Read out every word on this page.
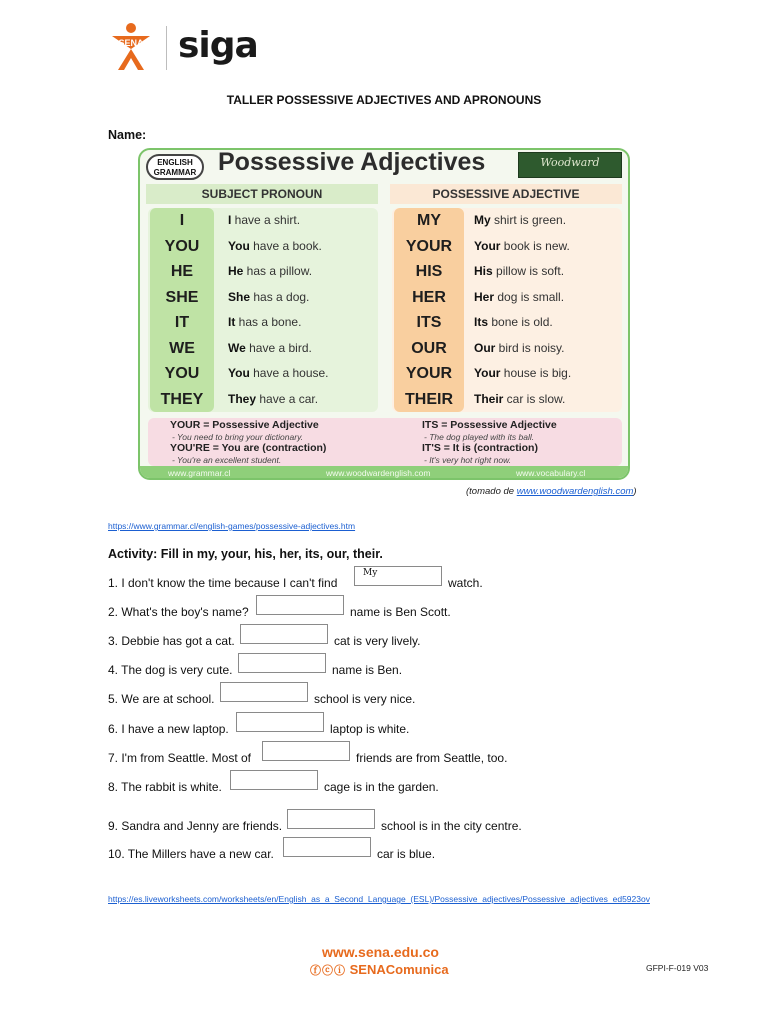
SENA siga
TALLER POSSESSIVE ADJECTIVES AND APRONOUNS
Name:
ENGLISH
GRAMMAR Possessive Adjectives	Woodward
SUBJECT PRONOUN	POSSESSIVE ADJECTIVE
I	I have a shirt.
YOU	You have a book.
HE	He has a pillow.
SHE	She has a dog.
IT	It has a bone.
WE	We have a bird.
YOU	You have a house.
THEY	They have a car.
MY	My shirt is green.
YOUR	Your book is new.
HIS	His pillow is soft.
HER	Her dog is small.
ITS	Its bone is old.
OUR	Our bird is noisy.
YOUR	Your house is big.
THEIR	Their car is slow.
YOUR = Possessive Adjective
- You need to bring your dictionary.
YOU'RE = You are (contraction)
- You're an excellent student.
ITS = Possessive Adjective
- The dog played with its ball.
IT'S = It is (contraction)
- It's very hot right now.
www.grammar.cl	www.woodwardenglish.com	www.vocabulary.cl
(tomado de www.woodwardenglish.com)
https://www.grammar.cl/english-games/possessive-adjectives.htm
Activity: Fill in my, your, his, her, its, our, their.
1. I don't know the time because I can't find
My
watch.
2. What's the boy's name?	name is Ben Scott.
3. Debbie has got a cat.	cat is very lively.
4. The dog is very cute.	name is Ben.
5. We are at school.	school is very nice.
6. I have a new laptop.	laptop is white.
7. I'm from Seattle. Most of	friends are from Seattle, too.
8. The rabbit is white.	cage is in the garden.
9. Sandra and Jenny are friends.	school is in the city centre.
10. The Millers have a new car.	car is blue.
https://es.liveworksheets.com/worksheets/en/English_as_a_Second_Language_(ESL)/Possessive_adjectives/Possessive_adjectives_ed5923ov
www.sena.edu.co
ⓕⓒⓘ SENAComunica	GFPI-F-019 V03
